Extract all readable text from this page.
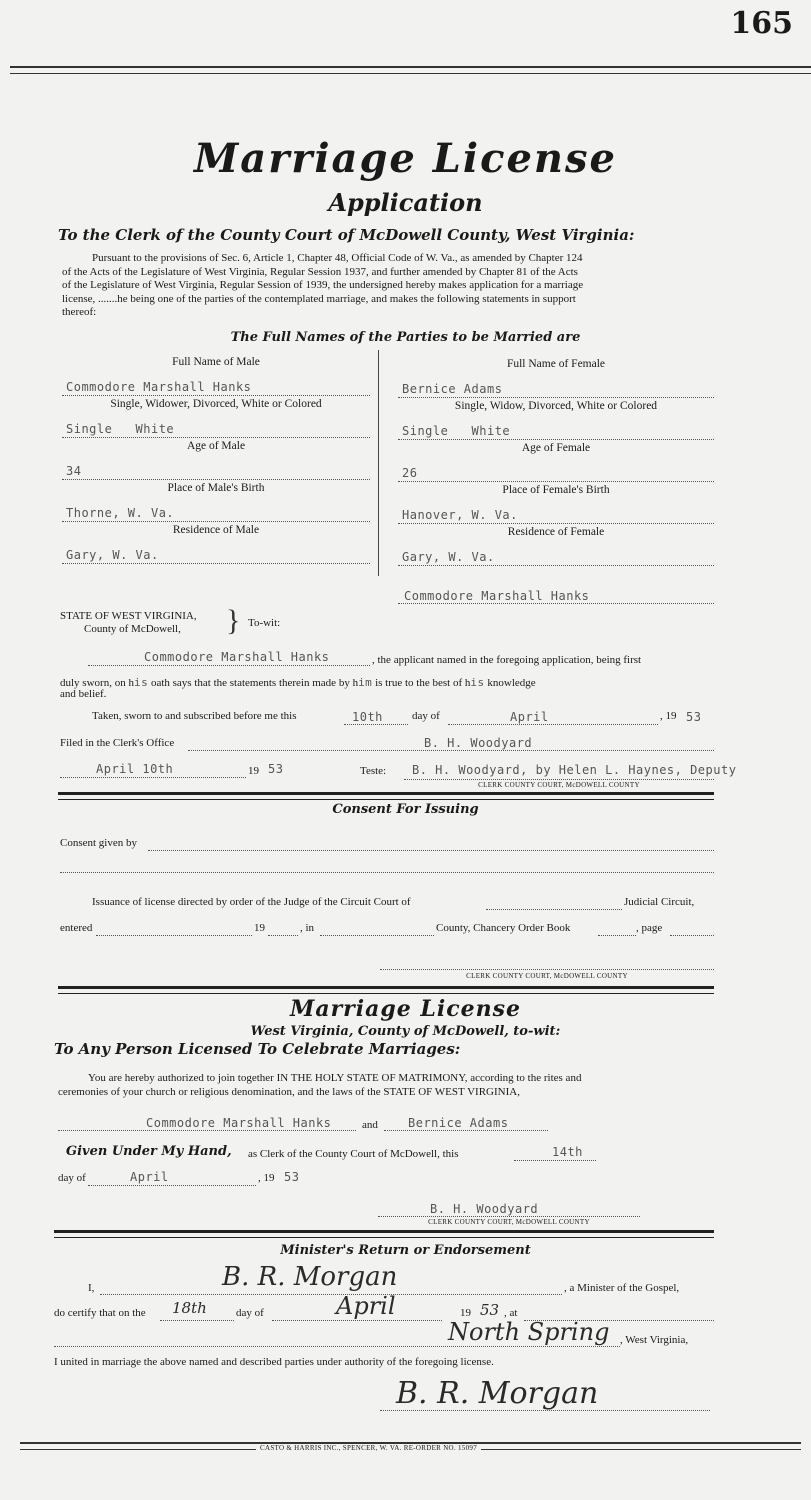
165
Marriage License
Application
To the Clerk of the County Court of McDowell County, West Virginia:
Pursuant to the provisions of Sec. 6, Article 1, Chapter 48, Official Code of W. Va., as amended by Chapter 124
of the Acts of the Legislature of West Virginia, Regular Session 1937, and further amended by Chapter 81 of the Acts
of the Legislature of West Virginia, Regular Session of 1939, the undersigned hereby makes application for a marriage
license, .......he being one of the parties of the contemplated marriage, and makes the following statements in support
thereof:
The Full Names of the Parties to be Married are
Full Name of Male
Commodore Marshall Hanks
Single, Widower, Divorced, White or Colored
Single   White
Age of Male
34
Place of Male's Birth
Thorne, W. Va.
Residence of Male
Gary, W. Va.
Full Name of Female
Bernice Adams
Single, Widow, Divorced, White or Colored
Single   White
Age of Female
26
Place of Female's Birth
Hanover, W. Va.
Residence of Female
Gary, W. Va.
Commodore Marshall Hanks
STATE OF WEST VIRGINIA,
County of McDowell, } To-wit:
Commodore Marshall Hanks	, the applicant named in the foregoing application, being first
duly sworn, on his oath says that the statements therein made by him is true to the best of his knowledge
and belief.
Taken, sworn to and subscribed before me this	10th	day of	April	, 19 53
Filed in the Clerk's Office	B. H. Woodyard
April 10th	19 53	Teste: B. H. Woodyard, by Helen L. Haynes, Deputy
CLERK COUNTY COURT, McDOWELL COUNTY
Consent For Issuing
Consent given by
Issuance of license directed by order of the Judge of the Circuit Court of	Judicial Circuit,
entered	19	, in	County, Chancery Order Book	, page
CLERK COUNTY COURT, McDOWELL COUNTY
Marriage License
West Virginia, County of McDowell, to-wit:
To Any Person Licensed To Celebrate Marriages:
You are hereby authorized to join together IN THE HOLY STATE OF MATRIMONY, according to the rites and
ceremonies of your church or religious denomination, and the laws of the STATE OF WEST VIRGINIA,
Commodore Marshall Hanks	and	Bernice Adams
Given Under My Hand, as Clerk of the County Court of McDowell, this	14th
day of	April	, 19 53
B. H. Woodyard
CLERK COUNTY COURT, McDOWELL COUNTY
Minister's Return or Endorsement
I,	B. R. Morgan	, a Minister of the Gospel,
do certify that on the 18th	day of	April	19 53 , at
North Spring , West Virginia,
I united in marriage the above named and described parties under authority of the foregoing license.
B. R. Morgan
CASTO & HARRIS INC., SPENCER, W. VA. RE-ORDER NO. 15097
